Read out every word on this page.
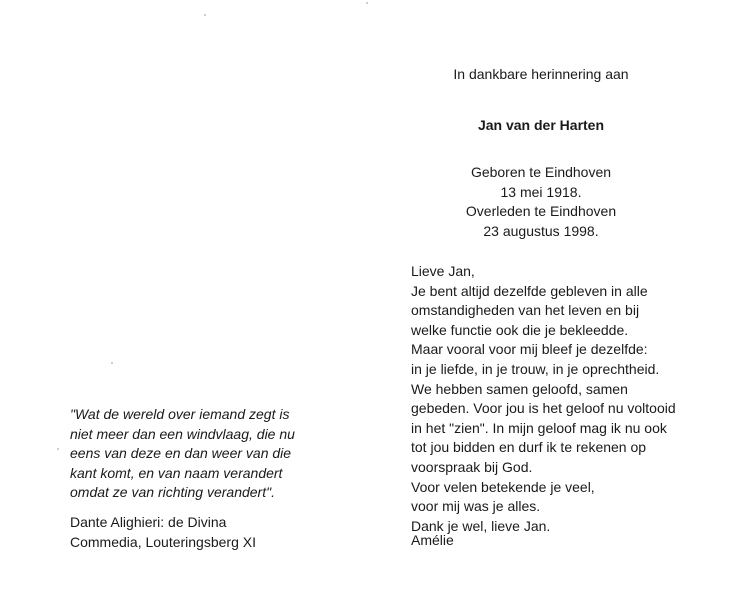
In dankbare herinnering aan
Jan van der Harten
Geboren te Eindhoven
13 mei 1918.
Overleden te Eindhoven
23 augustus 1998.
Lieve Jan,
Je bent altijd dezelfde gebleven in alle
omstandigheden van het leven en bij
welke functie ook die je bekleedde.
Maar vooral voor mij bleef je dezelfde:
in je liefde, in je trouw, in je oprechtheid.
We hebben samen geloofd, samen
gebeden. Voor jou is het geloof nu voltooid
in het "zien". In mijn geloof mag ik nu ook
tot jou bidden en durf ik te rekenen op
voorspraak bij God.
Voor velen betekende je veel,
voor mij was je alles.
Dank je wel, lieve Jan.
Amélie
"Wat de wereld over iemand zegt is
niet meer dan een windvlaag, die nu
eens van deze en dan weer van die
kant komt, en van naam verandert
omdat ze van richting verandert".
Dante Alighieri: de Divina
Commedia, Louteringsberg XI
